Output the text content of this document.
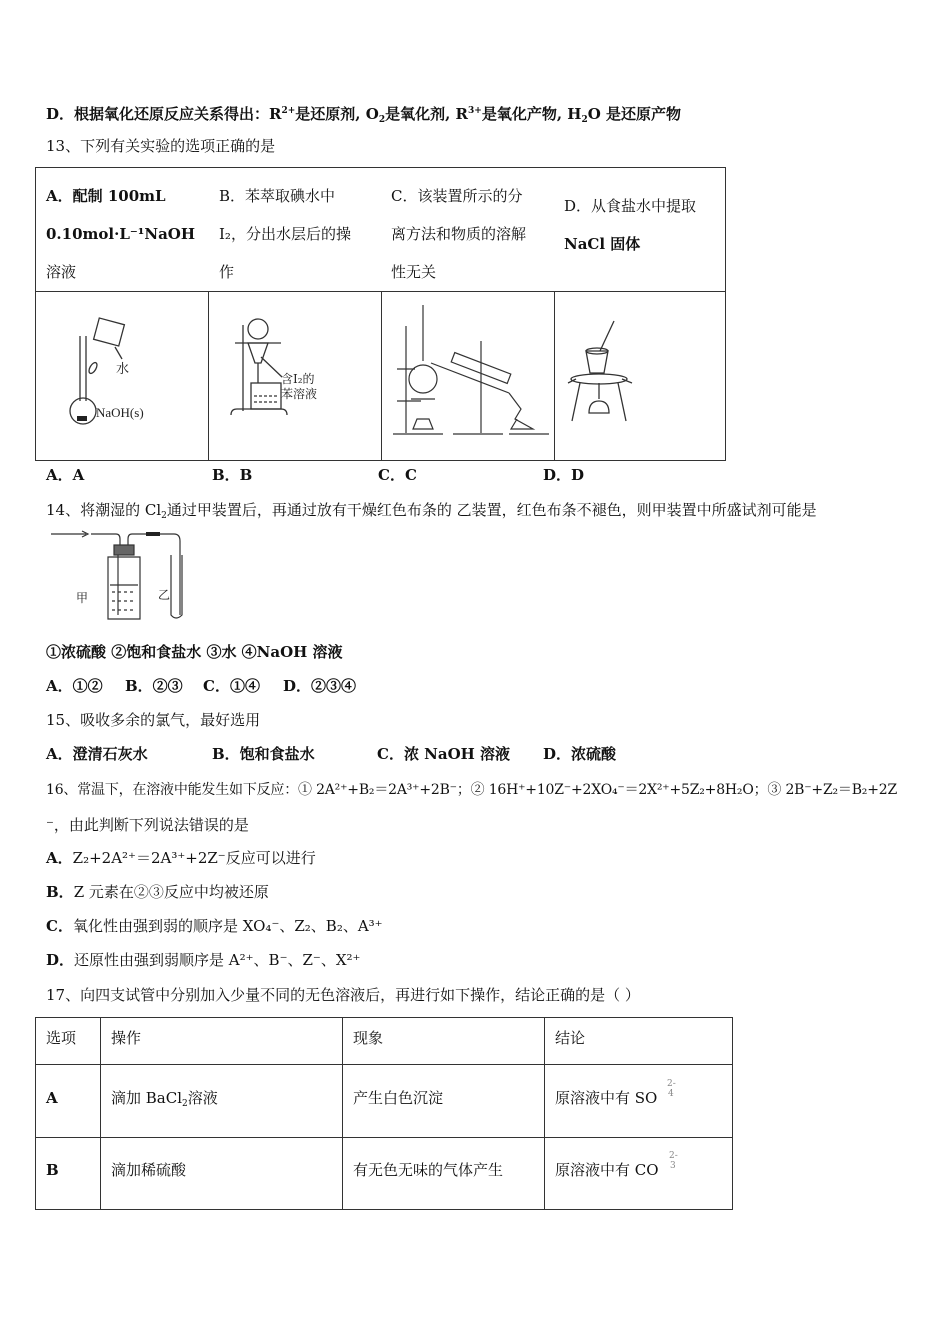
D．根据氧化还原反应关系得出：$R^{2+}$是还原剂, $O_2$是氧化剂, $R^{3+}$是氧化产物, $H_2O$ 是还原产物
13、下列有关实验的选项正确的是
A．配制 100mL
0.10mol·L⁻¹NaOH
溶液
B．苯萃取碘水中
I₂，分出水层后的操
作
C．该装置所示的分
离方法和物质的溶解
性无关
D．从食盐水中提取
NaCl 固体
水
NaOH(s)
含I₂的
苯溶液
A．A	B．B	C．C	D．D
14、将潮湿的 $Cl_2$通过甲装置后，再通过放有干燥红色布条的 乙装置，红色布条不褪色，则甲装置中所盛试剂可能是
甲	乙
①浓硫酸 ②饱和食盐水 ③水 ④NaOH 溶液
A．①② B．②③ C．①④ D．②③④
15、吸收多余的氯气，最好选用
A．澄清石灰水	B．饱和食盐水	C．浓 NaOH 溶液 D．浓硫酸
16、常温下，在溶液中能发生如下反应：① 2A²⁺+B₂＝2A³⁺+2B⁻；② 16H⁺+10Z⁻+2XO₄⁻＝2X²⁺+5Z₂+8H₂O；③ 2B⁻+Z₂＝B₂+2Z
⁻，由此判断下列说法错误的是
A．Z₂+2A²⁺＝2A³⁺+2Z⁻反应可以进行
B．Z 元素在②③反应中均被还原
C．氧化性由强到弱的顺序是 XO₄⁻、Z₂、B₂、A³⁺
D．还原性由强到弱顺序是 A²⁺、B⁻、Z⁻、X²⁺
17、向四支试管中分别加入少量不同的无色溶液后，再进行如下操作，结论正确的是（ ）
选项 操作	现象	结论
A	滴加 BaCl$_2$溶液	产生白色沉淀	原溶液中有 SO
2-
4
B	滴加稀硫酸	有无色无味的气体产生	原溶液中有 CO
2-
3
